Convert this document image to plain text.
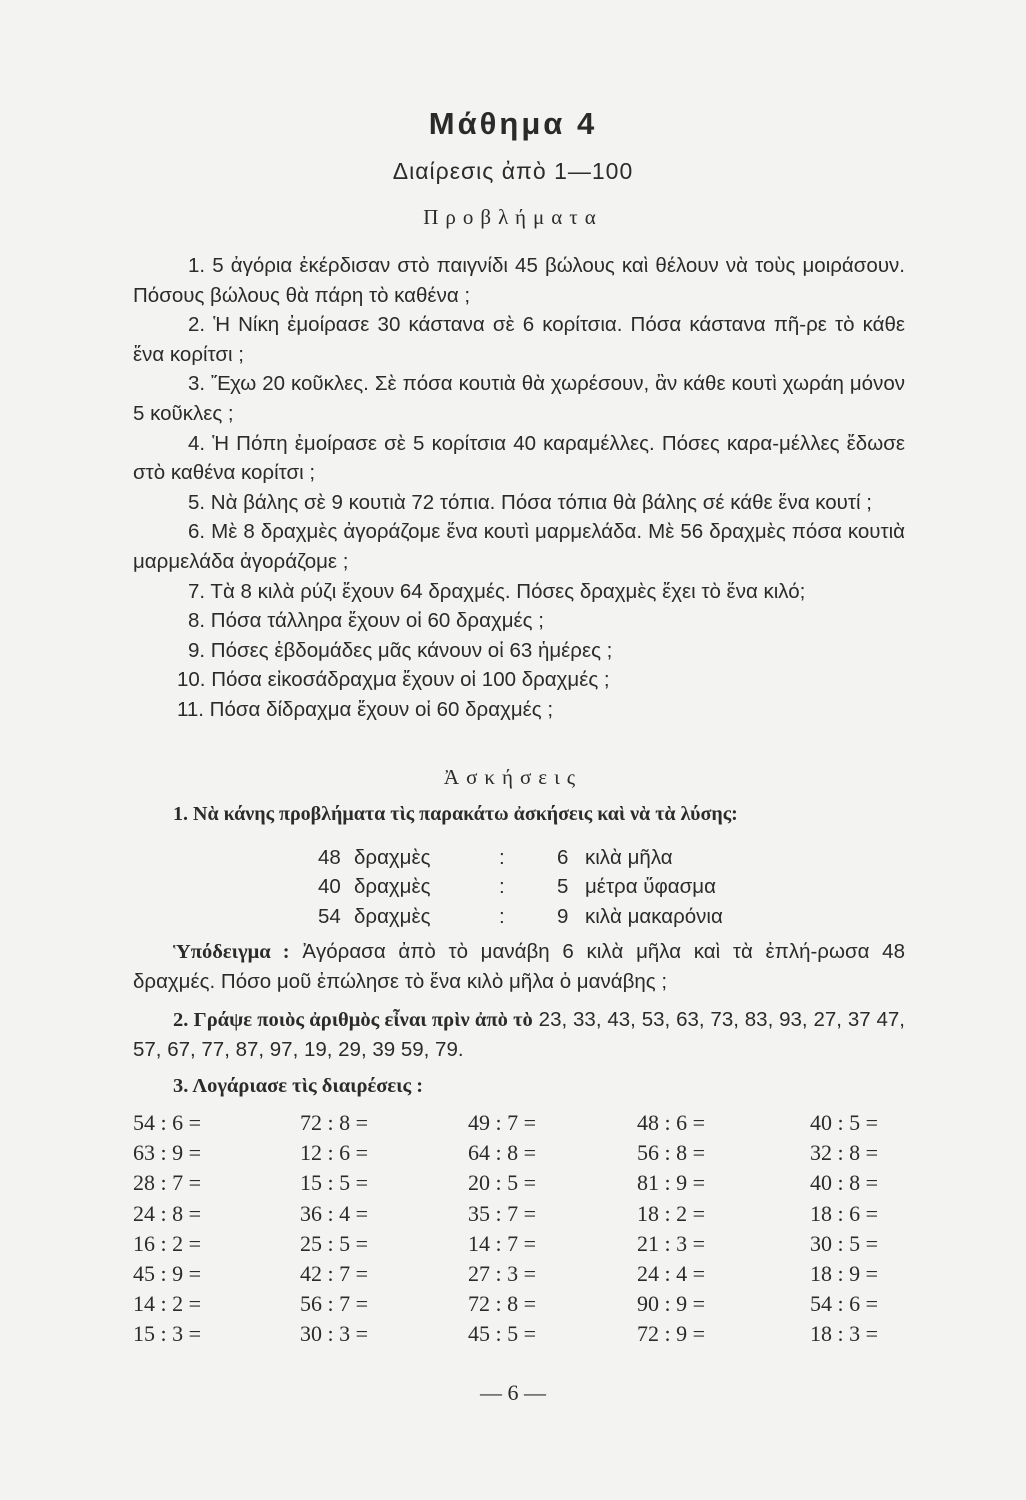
Μάθημα 4
Διαίρεσις ἀπὸ 1—100
Προβλήματα

1. 5 ἀγόρια ἐκέρδισαν στὸ παιγνίδι 45 βώλους καὶ θέλουν νὰ τοὺς μοιράσουν. Πόσους βώλους θὰ πάρη τὸ καθένα ;

2. Ἡ Νίκη ἐμοίρασε 30 κάστανα σὲ 6 κορίτσια. Πόσα κάστανα πῆ-ρε τὸ κάθε ἕνα κορίτσι ;

3. Ἔχω 20 κοῦκλες. Σὲ πόσα κουτιὰ θὰ χωρέσουν, ἂν κάθε κουτὶ χωράη μόνον 5 κοῦκλες ;

4. Ἡ Πόπη ἐμοίρασε σὲ 5 κορίτσια 40 καραμέλλες. Πόσες καρα-μέλλες ἔδωσε στὸ καθένα κορίτσι ;

5. Νὰ βάλης σὲ 9 κουτιὰ 72 τόπια. Πόσα τόπια θὰ βάλης σέ κάθε ἕνα κουτί ;

6. Μὲ 8 δραχμὲς ἀγοράζομε ἕνα κουτὶ μαρμελάδα. Μὲ 56 δραχμὲς πόσα κουτιὰ μαρμελάδα ἀγοράζομε ;

7. Τὰ 8 κιλὰ ρύζι ἔχουν 64 δραχμές. Πόσες δραχμὲς ἔχει τὸ ἕνα κιλό;

8. Πόσα τάλληρα ἔχουν οἱ 60 δραχμές ;

9. Πόσες ἑβδομάδες μᾶς κάνουν οἱ 63 ἡμέρες ;

10. Πόσα εἰκοσάδραχμα ἔχουν οἱ 100 δραχμές ;

11. Πόσα δίδραχμα ἔχουν οἱ 60 δραχμές ;

Ἀσκήσεις
1. Νὰ κάνης προβλήματα τὶς παρακάτω ἀσκήσεις καὶ νὰ τὰ λύσης:
48 δραχμὲς	:	6 κιλὰ μῆλα
40 δραχμὲς	:	5 μέτρα ὕφασμα
54 δραχμὲς	:	9 κιλὰ μακαρόνια

Ὑπόδειγμα : Ἀγόρασα ἀπὸ τὸ μανάβη 6 κιλὰ μῆλα καὶ τὰ ἐπλή-ρωσα 48 δραχμές. Πόσο μοῦ ἐπώλησε τὸ ἕνα κιλὸ μῆλα ὁ μανάβης ;

2. Γράψε ποιὸς ἀριθμὸς εἶναι πρὶν ἀπὸ τὸ 23, 33, 43, 53, 63, 73, 83, 93, 27, 37 47, 57, 67, 77, 87, 97, 19, 29, 39 59, 79.

3. Λογάριασε τὶς διαιρέσεις :

54 : 6 =	72 : 8 =	49 : 7 =	48 : 6 =	40 : 5 =
63 : 9 =	12 : 6 =	64 : 8 =	56 : 8 =	32 : 8 =
28 : 7 =	15 : 5 =	20 : 5 =	81 : 9 =	40 : 8 =
24 : 8 =	36 : 4 =	35 : 7 =	18 : 2 =	18 : 6 =
16 : 2 =	25 : 5 =	14 : 7 =	21 : 3 =	30 : 5 =
45 : 9 =	42 : 7 =	27 : 3 =	24 : 4 =	18 : 9 =
14 : 2 =	56 : 7 =	72 : 8 =	90 : 9 =	54 : 6 =
15 : 3 =	30 : 3 =	45 : 5 =	72 : 9 =	18 : 3 =
— 6 —
